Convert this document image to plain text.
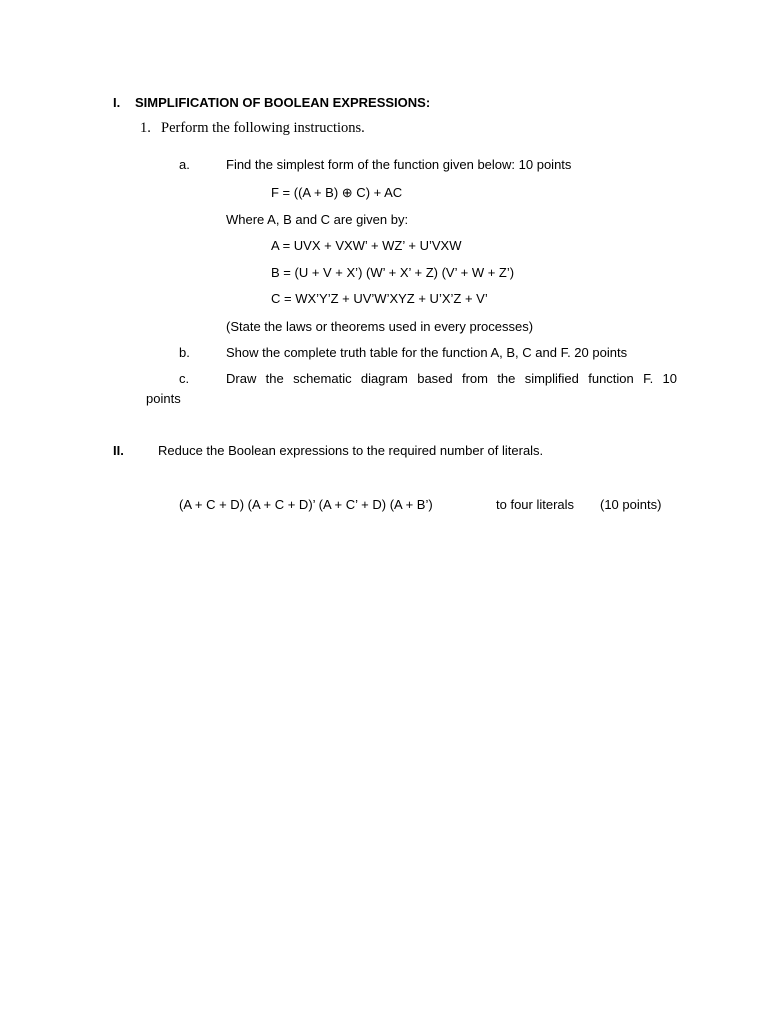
I. SIMPLIFICATION OF BOOLEAN EXPRESSIONS:
1. Perform the following instructions.
a.	Find the simplest form of the function given below: 10 points
F = ((A + B) ⊕ C) + AC
Where A, B and C are given by:
A = UVX + VXW’ + WZ’ + U’VXW
B = (U + V + X’) (W’ + X’ + Z) (V’ + W + Z’)
C = WX’Y’Z + UV’W’XYZ + U’X’Z + V’
(State the laws or theorems used in every processes)
b.	Show the complete truth table for the function A, B, C and F. 20 points
c.	Draw the schematic diagram based from the simplified function F. 10
points
II.	Reduce the Boolean expressions to the required number of literals.
(A + C + D) (A + C + D)’ (A + C’ + D) (A + B’)	to four literals (10 points)
